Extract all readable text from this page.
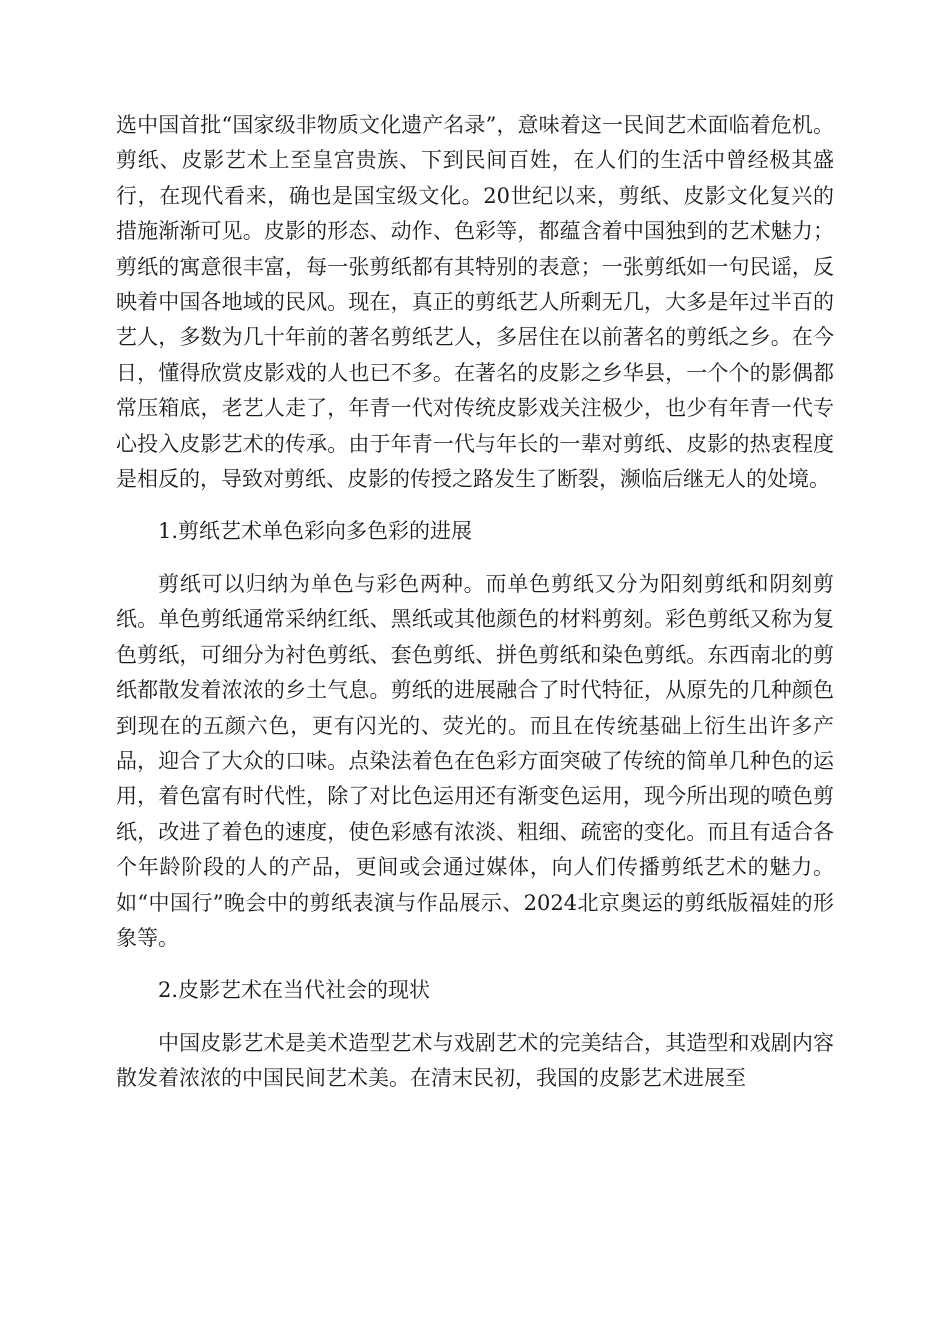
选中国首批“国家级非物质文化遗产名录”，意味着这一民间艺术面临着危机。剪纸、皮影艺术上至皇宫贵族、下到民间百姓，在人们的生活中曾经极其盛行，在现代看来，确也是国宝级文化。20世纪以来，剪纸、皮影文化复兴的措施渐渐可见。皮影的形态、动作、色彩等，都蕴含着中国独到的艺术魅力；剪纸的寓意很丰富，每一张剪纸都有其特别的表意；一张剪纸如一句民谣，反映着中国各地域的民风。现在，真正的剪纸艺人所剩无几，大多是年过半百的艺人，多数为几十年前的著名剪纸艺人，多居住在以前著名的剪纸之乡。在今日，懂得欣赏皮影戏的人也已不多。在著名的皮影之乡华县，一个个的影偶都常压箱底，老艺人走了，年青一代对传统皮影戏关注极少，也少有年青一代专心投入皮影艺术的传承。由于年青一代与年长的一辈对剪纸、皮影的热衷程度是相反的，导致对剪纸、皮影的传授之路发生了断裂，濒临后继无人的处境。

1.剪纸艺术单色彩向多色彩的进展

剪纸可以归纳为单色与彩色两种。而单色剪纸又分为阳刻剪纸和阴刻剪纸。单色剪纸通常采纳红纸、黑纸或其他颜色的材料剪刻。彩色剪纸又称为复色剪纸，可细分为衬色剪纸、套色剪纸、拼色剪纸和染色剪纸。东西南北的剪纸都散发着浓浓的乡土气息。剪纸的进展融合了时代特征，从原先的几种颜色到现在的五颜六色，更有闪光的、荧光的。而且在传统基础上衍生出许多产品，迎合了大众的口味。点染法着色在色彩方面突破了传统的简单几种色的运用，着色富有时代性，除了对比色运用还有渐变色运用，现今所出现的喷色剪纸，改进了着色的速度，使色彩感有浓淡、粗细、疏密的变化。而且有适合各个年龄阶段的人的产品，更间或会通过媒体，向人们传播剪纸艺术的魅力。如“中国行”晚会中的剪纸表演与作品展示、2024北京奥运的剪纸版福娃的形象等。

2.皮影艺术在当代社会的现状

中国皮影艺术是美术造型艺术与戏剧艺术的完美结合，其造型和戏剧内容散发着浓浓的中国民间艺术美。在清末民初，我国的皮影艺术进展至
